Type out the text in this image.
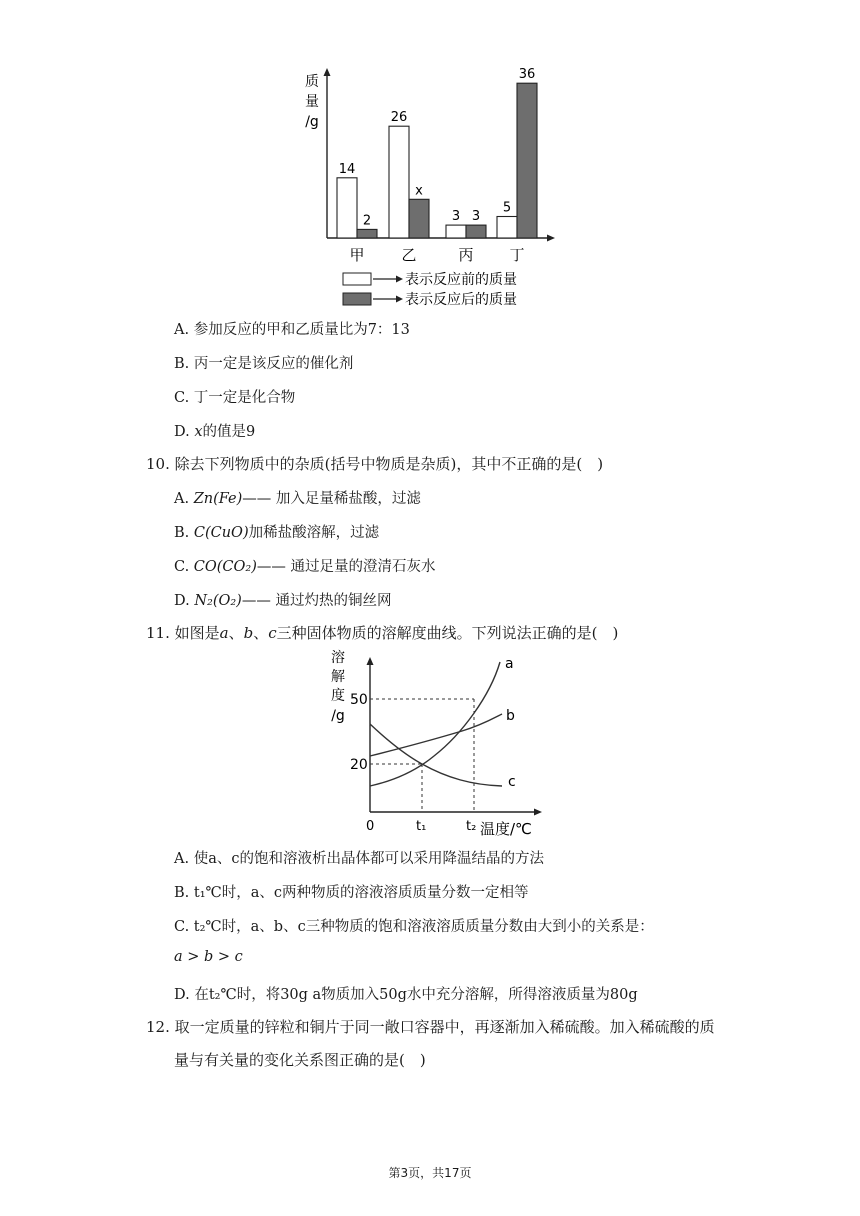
质
量
/g
14
2
甲
26
x
乙
3 3
丙
5
36
丁
表示反应前的质量
表示反应后的质量
A. 参加反应的甲和乙质量比为7：13
B. 丙一定是该反应的催化剂
C. 丁一定是化合物
D. x的值是9
10. 除去下列物质中的杂质(括号中物质是杂质)，其中不正确的是(　)
A. Zn(Fe)—— 加入足量稀盐酸，过滤
B. C(CuO)加稀盐酸溶解，过滤
C. CO(CO₂)—— 通过足量的澄清石灰水
D. N₂(O₂)—— 通过灼热的铜丝网
11. 如图是a、b、c三种固体物质的溶解度曲线。下列说法正确的是(　)
溶
解
度
/g
a
b
c
50
20
0	t₁	t₂ 温度/℃
A. 使a、c的饱和溶液析出晶体都可以采用降温结晶的方法
B. t₁℃时，a、c两种物质的溶液溶质质量分数一定相等
C. t₂℃时，a、b、c三种物质的饱和溶液溶质质量分数由大到小的关系是：
a > b > c
D. 在t₂℃时，将30g a物质加入50g水中充分溶解，所得溶液质量为80g
12. 取一定质量的锌粒和铜片于同一敞口容器中，再逐渐加入稀硫酸。加入稀硫酸的质
量与有关量的变化关系图正确的是(　)
第3页，共17页
